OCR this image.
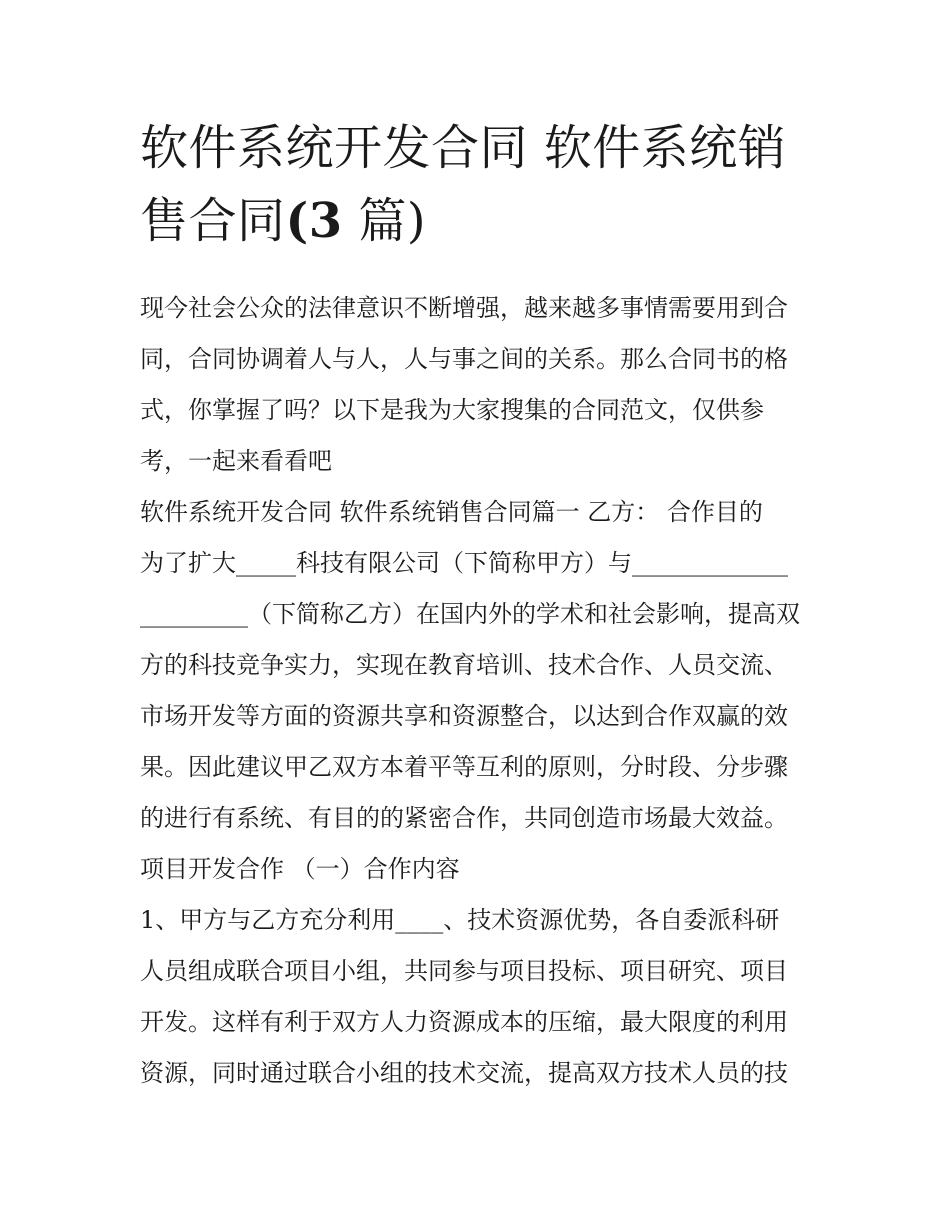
软件系统开发合同 软件系统销
售合同(3 篇)
现今社会公众的法律意识不断增强，越来越多事情需要用到合
同，合同协调着人与人，人与事之间的关系。那么合同书的格
式，你掌握了吗？以下是我为大家搜集的合同范文，仅供参
考，一起来看看吧
软件系统开发合同 软件系统销售合同篇一 乙方： 合作目的
为了扩大_____科技有限公司（下简称甲方）与_____________
_________（下简称乙方）在国内外的学术和社会影响，提高双
方的科技竞争实力，实现在教育培训、技术合作、人员交流、
市场开发等方面的资源共享和资源整合，以达到合作双赢的效
果。因此建议甲乙双方本着平等互利的原则，分时段、分步骤
的进行有系统、有目的的紧密合作，共同创造市场最大效益。
项目开发合作 （一）合作内容
1、甲方与乙方充分利用____、技术资源优势，各自委派科研
人员组成联合项目小组，共同参与项目投标、项目研究、项目
开发。这样有利于双方人力资源成本的压缩，最大限度的利用
资源，同时通过联合小组的技术交流，提高双方技术人员的技
